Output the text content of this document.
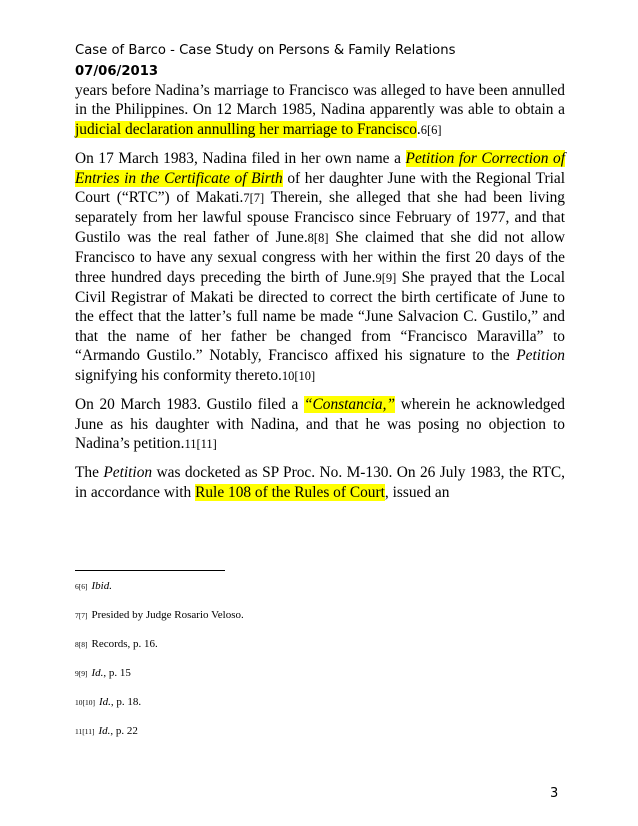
Case of Barco - Case Study on Persons & Family Relations
07/06/2013

years before Nadina’s marriage to Francisco was alleged to have been annulled in the Philippines. On 12 March 1985, Nadina apparently was able to obtain a judicial declaration annulling her marriage to Francisco.6[6]

On 17 March 1983, Nadina filed in her own name a Petition for Correction of Entries in the Certificate of Birth of her daughter June with the Regional Trial Court (“RTC”) of Makati.7[7] Therein, she alleged that she had been living separately from her lawful spouse Francisco since February of 1977, and that Gustilo was the real father of June.8[8] She claimed that she did not allow Francisco to have any sexual congress with her within the first 20 days of the three hundred days preceding the birth of June.9[9] She prayed that the Local Civil Registrar of Makati be directed to correct the birth certificate of June to the effect that the latter’s full name be made “June Salvacion C. Gustilo,” and that the name of her father be changed from “Francisco Maravilla” to “Armando Gustilo.” Notably, Francisco affixed his signature to the Petition signifying his conformity thereto.10[10]

On 20 March 1983. Gustilo filed a “Constancia,” wherein he acknowledged June as his daughter with Nadina, and that he was posing no objection to Nadina’s petition.11[11]

The Petition was docketed as SP Proc. No. M-130. On 26 July 1983, the RTC, in accordance with Rule 108 of the Rules of Court, issued an

6[6] Ibid.
7[7] Presided by Judge Rosario Veloso.
8[8] Records, p. 16.
9[9] Id., p. 15
10[10] Id., p. 18.
11[11] Id., p. 22
3
